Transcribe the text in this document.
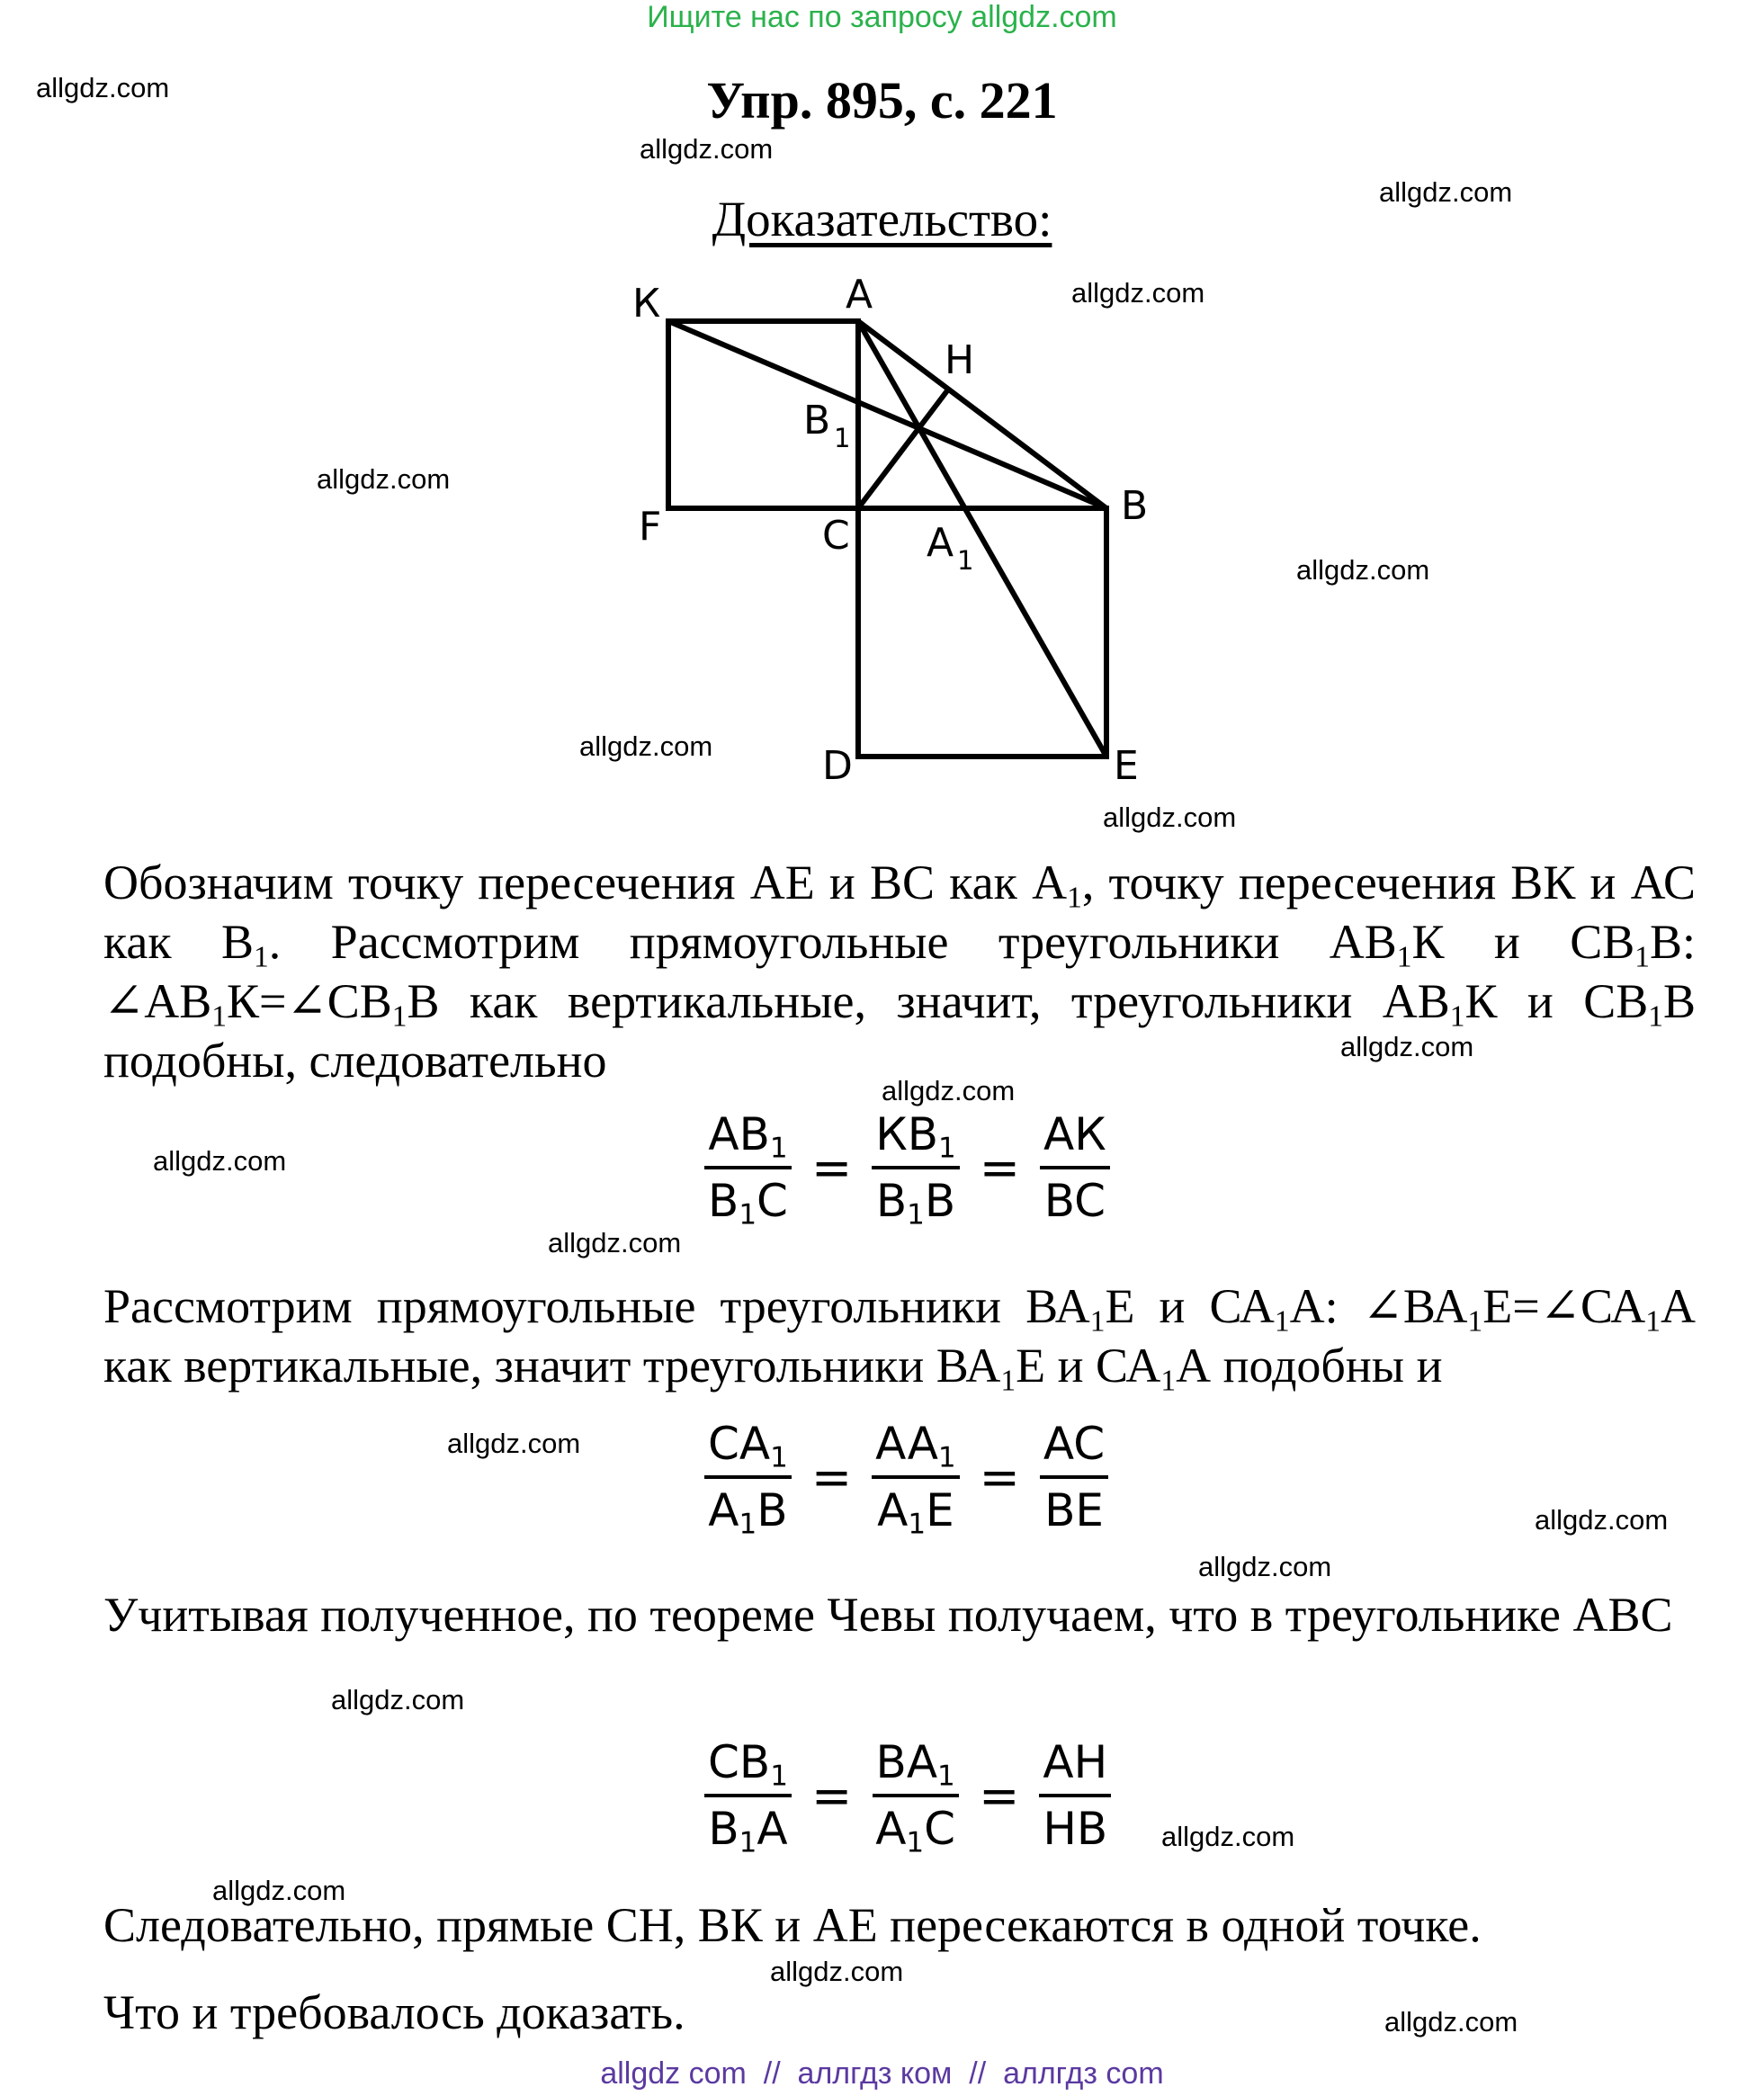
Ищите нас по запросу allgdz.com
allgdz.com
allgdz.com
allgdz.com
allgdz.com
allgdz.com
allgdz.com
allgdz.com
allgdz.com
allgdz.com
allgdz.com
allgdz.com
allgdz.com
allgdz.com
allgdz.com
allgdz.com
allgdz.com
allgdz.com
allgdz.com
allgdz.com
allgdz.com
Упр. 895, с. 221
Доказательство:
К	А
Н
B 1
F	C A 1
B
D	E
Обозначим точку пересечения АЕ и ВС как $А_1$, точку пересечения ВК и АС как $В_1$. Рассмотрим прямоугольные треугольники $АВ_1К$ и $СВ_1В$: $\angle АВ_1К=\angle СВ_1В$ как вертикальные, значит, треугольники $АВ_1К$ и $СВ_1В$ подобны, следовательно
$\frac{AB_1}{B_1C} = \frac{КB_1}{B_1B} = \frac{AК}{BC}$
Рассмотрим прямоугольные треугольники $ВА_1Е$ и $СА_1А$: $\angle ВА_1Е=\angle СА_1А$ как вертикальные, значит треугольники $ВА_1Е$ и $СА_1А$ подобны и
$\frac{CA_1}{A_1B} = \frac{AA_1}{A_1E} = \frac{AC}{BE}$
Учитывая полученное, по теореме Чевы получаем, что в треугольнике АВС
$\frac{CB_1}{B_1A} = \frac{BA_1}{A_1C} = \frac{AH}{HB}$
Следовательно, прямые СН, ВК и АЕ пересекаются в одной точке.
Что и требовалось доказать.
allgdz com  //  аллгдз ком  //  аллгдз com
